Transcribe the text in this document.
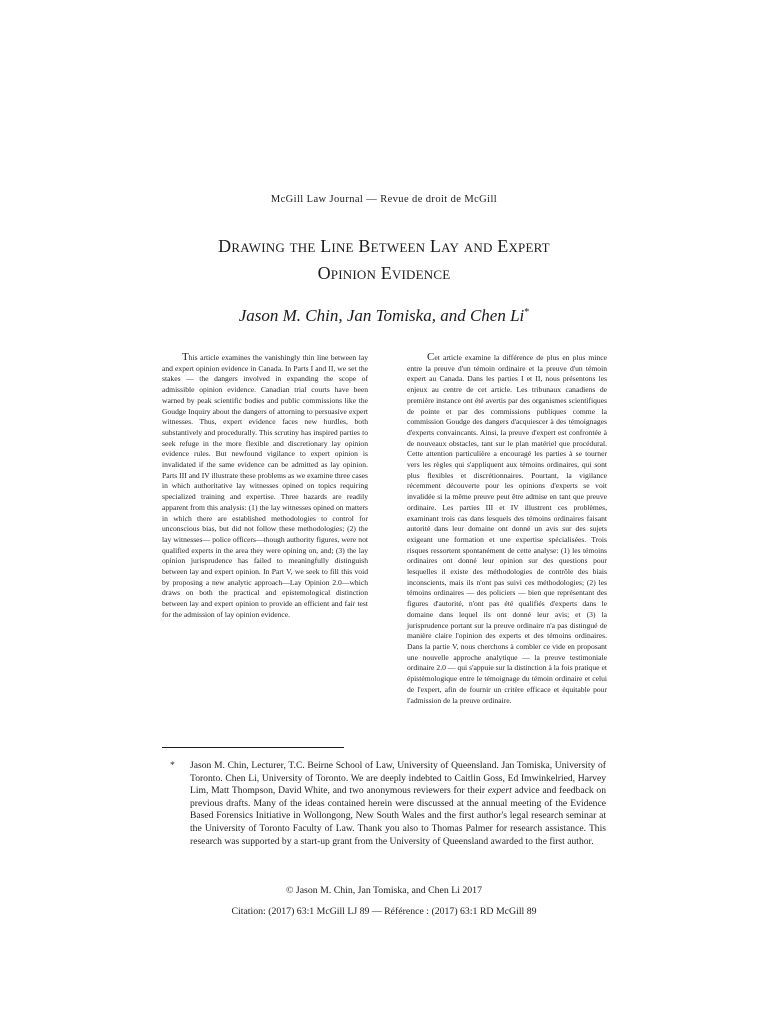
McGill Law Journal — Revue de droit de McGill
Drawing the Line Between Lay and Expert
Opinion Evidence
Jason M. Chin, Jan Tomiska, and Chen Li*
This article examines the vanishingly thin line between lay and expert opinion evidence in Canada. In Parts I and II, we set the stakes — the dangers involved in expanding the scope of admissible opinion evidence. Canadian trial courts have been warned by peak scientific bodies and public commissions like the Goudge Inquiry about the dangers of attorning to persuasive expert witnesses. Thus, expert evidence faces new hurdles, both substantively and procedurally. This scrutiny has inspired parties to seek refuge in the more flexible and discretionary lay opinion evidence rules. But newfound vigilance to expert opinion is invalidated if the same evidence can be admitted as lay opinion. Parts III and IV illustrate these problems as we examine three cases in which authoritative lay witnesses opined on topics requiring specialized training and expertise. Three hazards are readily apparent from this analysis: (1) the lay witnesses opined on matters in which there are established methodologies to control for unconscious bias, but did not follow these methodologies; (2) the lay witnesses— police officers—though authority figures, were not qualified experts in the area they were opining on, and; (3) the lay opinion jurisprudence has failed to meaningfully distinguish between lay and expert opinion. In Part V, we seek to fill this void by proposing a new analytic approach—Lay Opinion 2.0—which draws on both the practical and epistemological distinction between lay and expert opinion to provide an efficient and fair test for the admission of lay opinion evidence.
Cet article examine la différence de plus en plus mince entre la preuve d'un témoin ordinaire et la preuve d'un témoin expert au Canada. Dans les parties I et II, nous présentons les enjeux au centre de cet article. Les tribunaux canadiens de première instance ont été avertis par des organismes scientifiques de pointe et par des commissions publiques comme la commission Goudge des dangers d'acquiescer à des témoignages d'experts convaincants. Ainsi, la preuve d'expert est confrontée à de nouveaux obstacles, tant sur le plan matériel que procédural. Cette attention particulière a encouragé les parties à se tourner vers les règles qui s'appliquent aux témoins ordinaires, qui sont plus flexibles et discrétionnaires. Pourtant, la vigilance récemment découverte pour les opinions d'experts se voit invalidée si la même preuve peut être admise en tant que preuve ordinaire. Les parties III et IV illustrent ces problèmes, examinant trois cas dans lesquels des témoins ordinaires faisant autorité dans leur domaine ont donné un avis sur des sujets exigeant une formation et une expertise spécialisées. Trois risques ressortent spontanément de cette analyse: (1) les témoins ordinaires ont donné leur opinion sur des questions pour lesquelles il existe des méthodologies de contrôle des biais inconscients, mais ils n'ont pas suivi ces méthodologies; (2) les témoins ordinaires — des policiers — bien que représentant des figures d'autorité, n'ont pas été qualifiés d'experts dans le domaine dans lequel ils ont donné leur avis; et (3) la jurisprudence portant sur la preuve ordinaire n'a pas distingué de manière claire l'opinion des experts et des témoins ordinaires. Dans la partie V, nous cherchons à combler ce vide en proposant une nouvelle approche analytique — la preuve testimoniale ordinaire 2.0 — qui s'appuie sur la distinction à la fois pratique et épistémologique entre le témoignage du témoin ordinaire et celui de l'expert, afin de fournir un critère efficace et équitable pour l'admission de la preuve ordinaire.
* Jason M. Chin, Lecturer, T.C. Beirne School of Law, University of Queensland. Jan Tomiska, University of Toronto. Chen Li, University of Toronto. We are deeply indebted to Caitlin Goss, Ed Imwinkelried, Harvey Lim, Matt Thompson, David White, and two anonymous reviewers for their expert advice and feedback on previous drafts. Many of the ideas contained herein were discussed at the annual meeting of the Evidence Based Forensics Initiative in Wollongong, New South Wales and the first author's legal research seminar at the University of Toronto Faculty of Law. Thank you also to Thomas Palmer for research assistance. This research was supported by a start-up grant from the University of Queensland awarded to the first author.
© Jason M. Chin, Jan Tomiska, and Chen Li 2017
Citation: (2017) 63:1 McGill LJ 89 — Référence : (2017) 63:1 RD McGill 89
